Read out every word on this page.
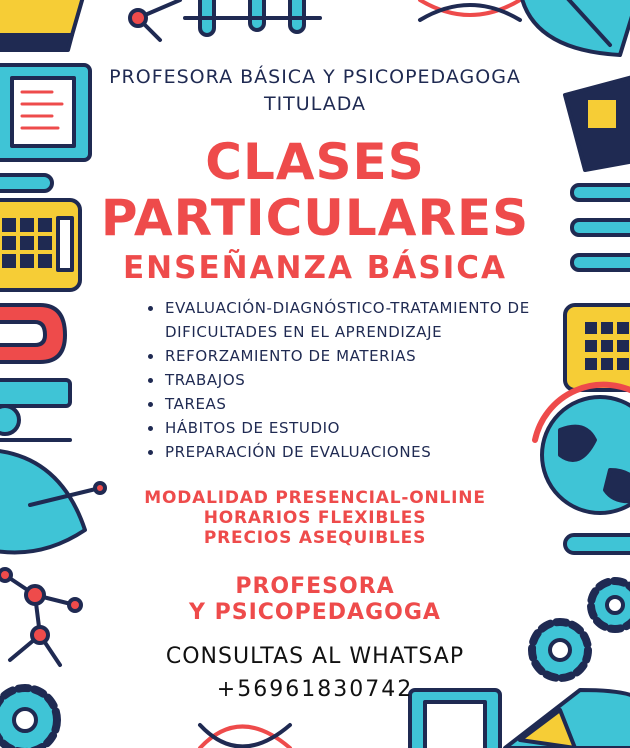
PROFESORA BÁSICA Y PSICOPEDAGOGA

TITULADA

CLASES
PARTICULARES
ENSEÑANZA BÁSICA
EVALUACIÓN-DIAGNÓSTICO-TRATAMIENTO DE DIFICULTADES EN EL APRENDIZAJE
REFORZAMIENTO DE MATERIAS
TRABAJOS
TAREAS
HÁBITOS DE ESTUDIO
PREPARACIÓN DE EVALUACIONES

MODALIDAD PRESENCIAL-ONLINE

HORARIOS FLEXIBLES

PRECIOS ASEQUIBLES

PROFESORA

Y PSICOPEDAGOGA

CONSULTAS AL WHATSAP

+56961830742
